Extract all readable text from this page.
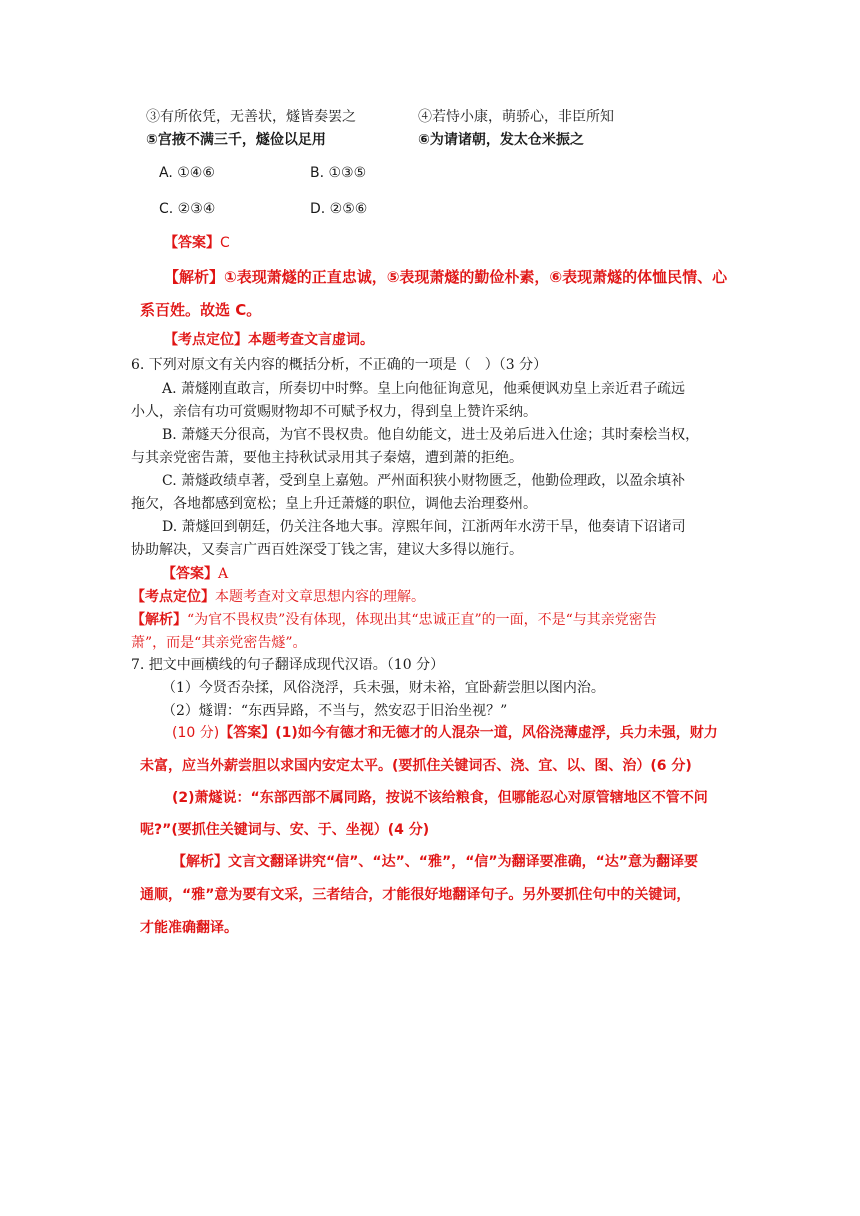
③有所依凭，无善状，燧皆奏罢之	④若恃小康，萌骄心，非臣所知
⑤宫掖不满三千，燧俭以足用	⑥为请诸朝，发太仓米振之
A. ①④⑥	B. ①③⑤
C. ②③④	D. ②⑤⑥
【答案】C
【解析】①表现萧燧的正直忠诚，⑤表现萧燧的勤俭朴素，⑥表现萧燧的体恤民情、心
系百姓。故选 C。
【考点定位】本题考查文言虚词。
6. 下列对原文有关内容的概括分析，不正确的一项是（　）（3 分）
A. 萧燧刚直敢言，所奏切中时弊。皇上向他征询意见，他乘便讽劝皇上亲近君子疏远
小人，亲信有功可赏赐财物却不可赋予权力，得到皇上赞许采纳。
B. 萧燧天分很高，为官不畏权贵。他自幼能文，进士及弟后进入仕途；其时秦桧当权，
与其亲党密告萧，要他主持秋试录用其子秦熺，遭到萧的拒绝。
C. 萧燧政绩卓著，受到皇上嘉勉。严州面积狭小财物匮乏，他勤俭理政，以盈余填补
拖欠，各地都感到宽松；皇上升迁萧燧的职位，调他去治理婺州。
D. 萧燧回到朝廷，仍关注各地大事。淳熙年间，江浙两年水涝干旱，他奏请下诏诸司
协助解决，又奏言广西百姓深受丁钱之害，建议大多得以施行。
【答案】A
【考点定位】本题考查对文章思想内容的理解。
【解析】“为官不畏权贵”没有体现，体现出其“忠诚正直”的一面，不是“与其亲党密告
萧”，而是“其亲党密告燧”。
7. 把文中画横线的句子翻译成现代汉语。（10 分）
（1）今贤否杂揉，风俗浇浮，兵未强，财未裕，宜卧薪尝胆以图内治。
（2）燧谓：“东西异路，不当与，然安忍于旧治坐视？”
(10 分)【答案】(1)如今有德才和无德才的人混杂一道，风俗浇薄虚浮，兵力未强，财力
未富，应当外薪尝胆以求国内安定太平。(要抓住关键词否、浇、宜、以、图、治）(6 分)
(2)萧燧说：“东部西部不属同路，按说不该给粮食，但哪能忍心对原管辖地区不管不问
呢?”(要抓住关键词与、安、于、坐视）(4 分)
【解析】文言文翻译讲究“信”、“达”、“雅”，“信”为翻译要准确，“达”意为翻译要
通顺，“雅”意为要有文采，三者结合，才能很好地翻译句子。另外要抓住句中的关键词，
才能准确翻译。
